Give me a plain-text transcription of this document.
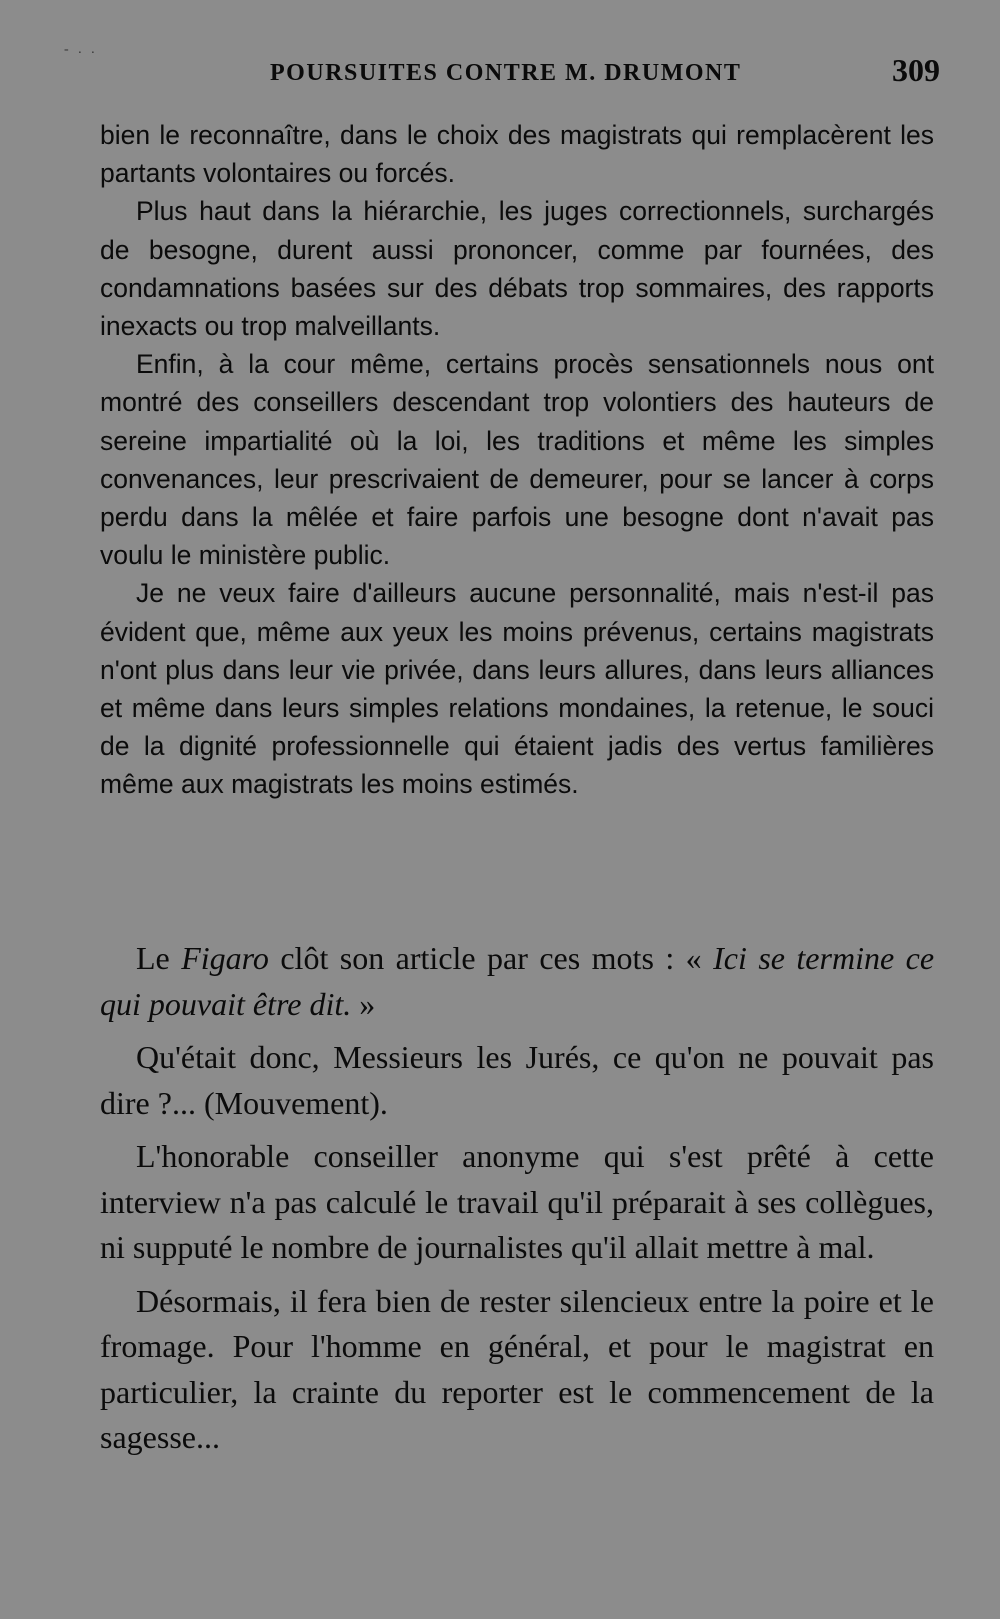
- . .
POURSUITES CONTRE M. DRUMONT	309

bien le reconnaître, dans le choix des magistrats qui remplacèrent les partants volontaires ou forcés.

Plus haut dans la hiérarchie, les juges correctionnels, surchargés de besogne, durent aussi prononcer, comme par fournées, des condamnations basées sur des débats trop sommaires, des rapports inexacts ou trop malveillants.

Enfin, à la cour même, certains procès sensationnels nous ont montré des conseillers descendant trop volontiers des hauteurs de sereine impartialité où la loi, les traditions et même les simples convenances, leur prescrivaient de demeurer, pour se lancer à corps perdu dans la mêlée et faire parfois une besogne dont n'avait pas voulu le ministère public.

Je ne veux faire d'ailleurs aucune personnalité, mais n'est-il pas évident que, même aux yeux les moins prévenus, certains magistrats n'ont plus dans leur vie privée, dans leurs allures, dans leurs alliances et même dans leurs simples relations mondaines, la retenue, le souci de la dignité professionnelle qui étaient jadis des vertus familières même aux magistrats les moins estimés.

Le Figaro clôt son article par ces mots : « Ici se termine ce qui pouvait être dit. »

Qu'était donc, Messieurs les Jurés, ce qu'on ne pouvait pas dire ?... (Mouvement).

L'honorable conseiller anonyme qui s'est prêté à cette interview n'a pas calculé le travail qu'il préparait à ses collègues, ni supputé le nombre de journalistes qu'il allait mettre à mal.

Désormais, il fera bien de rester silencieux entre la poire et le fromage. Pour l'homme en général, et pour le magistrat en particulier, la crainte du reporter est le commencement de la sagesse...
